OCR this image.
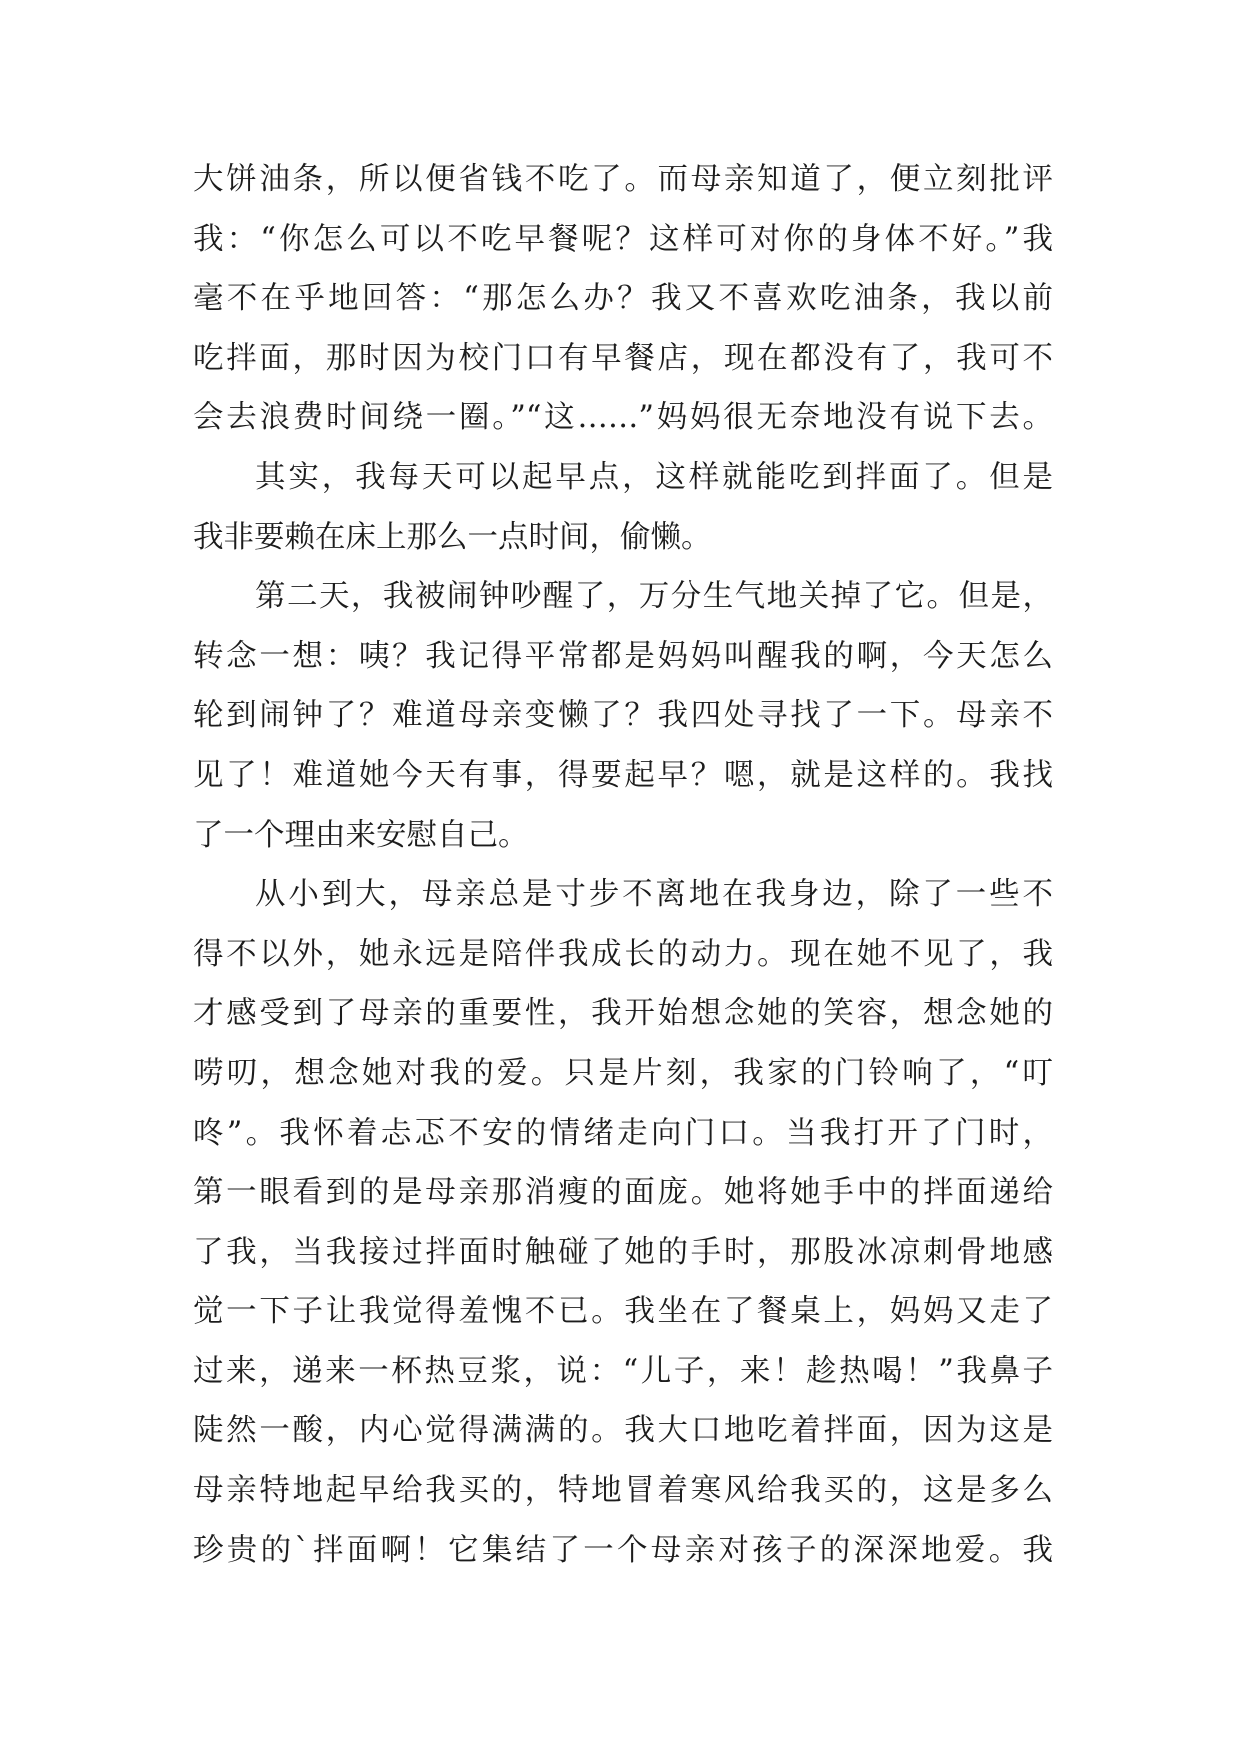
大饼油条，所以便省钱不吃了。而母亲知道了，便立刻批评
我：“你怎么可以不吃早餐呢？这样可对你的身体不好。”我
毫不在乎地回答：“那怎么办？我又不喜欢吃油条，我以前
吃拌面，那时因为校门口有早餐店，现在都没有了，我可不
会去浪费时间绕一圈。”“这……”妈妈很无奈地没有说下去。
其实，我每天可以起早点，这样就能吃到拌面了。但是
我非要赖在床上那么一点时间，偷懒。
第二天，我被闹钟吵醒了，万分生气地关掉了它。但是，
转念一想：咦？我记得平常都是妈妈叫醒我的啊，今天怎么
轮到闹钟了？难道母亲变懒了？我四处寻找了一下。母亲不
见了！难道她今天有事，得要起早？嗯，就是这样的。我找
了一个理由来安慰自己。
从小到大，母亲总是寸步不离地在我身边，除了一些不
得不以外，她永远是陪伴我成长的动力。现在她不见了，我
才感受到了母亲的重要性，我开始想念她的笑容，想念她的
唠叨，想念她对我的爱。只是片刻，我家的门铃响了，“叮
咚”。我怀着忐忑不安的情绪走向门口。当我打开了门时，
第一眼看到的是母亲那消瘦的面庞。她将她手中的拌面递给
了我，当我接过拌面时触碰了她的手时，那股冰凉刺骨地感
觉一下子让我觉得羞愧不已。我坐在了餐桌上，妈妈又走了
过来，递来一杯热豆浆，说：“儿子，来！趁热喝！”我鼻子
陡然一酸，内心觉得满满的。我大口地吃着拌面，因为这是
母亲特地起早给我买的，特地冒着寒风给我买的，这是多么
珍贵的`拌面啊！它集结了一个母亲对孩子的深深地爱。我
